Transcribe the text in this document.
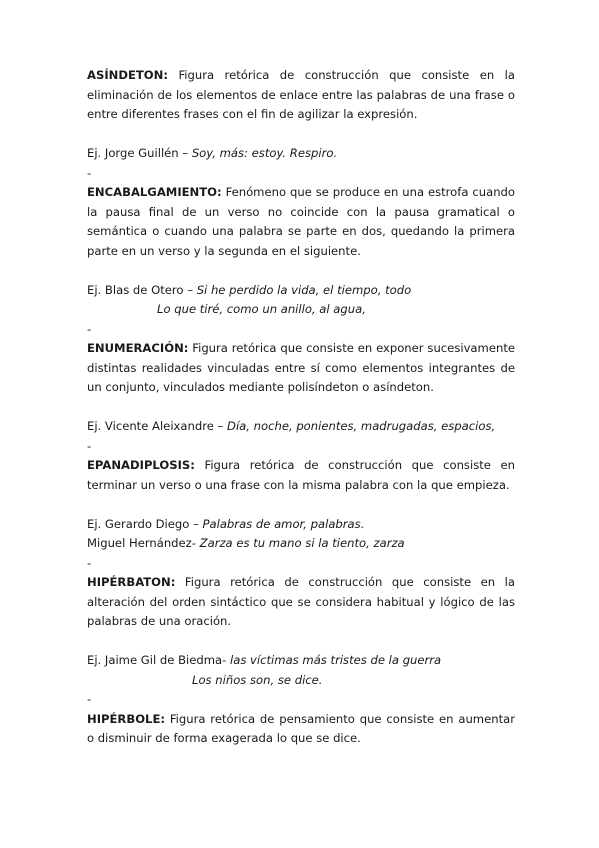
ASÍNDETON: Figura retórica de construcción que consiste en la eliminación de los elementos de enlace entre las palabras de una frase o entre diferentes frases con el fin de agilizar la expresión.

Ej. Jorge Guillén – Soy, más: estoy. Respiro.

-

ENCABALGAMIENTO: Fenómeno que se produce en una estrofa cuando la pausa final de un verso no coincide con la pausa gramatical o semántica o cuando una palabra se parte en dos, quedando la primera parte en un verso y la segunda en el siguiente.

Ej. Blas de Otero – Si he perdido la vida, el tiempo, todo

Lo que tiré, como un anillo, al agua,

-

ENUMERACIÓN: Figura retórica que consiste en exponer sucesivamente distintas realidades vinculadas entre sí como elementos integrantes de un conjunto, vinculados mediante polisíndeton o asíndeton.

Ej. Vicente Aleixandre – Día, noche, ponientes, madrugadas, espacios,

-

EPANADIPLOSIS: Figura retórica de construcción que consiste en terminar un verso o una frase con la misma palabra con la que empieza.

Ej. Gerardo Diego – Palabras de amor, palabras.

Miguel Hernández- Zarza es tu mano si la tiento, zarza

-

HIPÉRBATON: Figura retórica de construcción que consiste en la alteración del orden sintáctico que se considera habitual y lógico de las palabras de una oración.

Ej. Jaime Gil de Biedma- las víctimas más tristes de la guerra

Los niños son, se dice.

-

HIPÉRBOLE: Figura retórica de pensamiento que consiste en aumentar o disminuir de forma exagerada lo que se dice.
